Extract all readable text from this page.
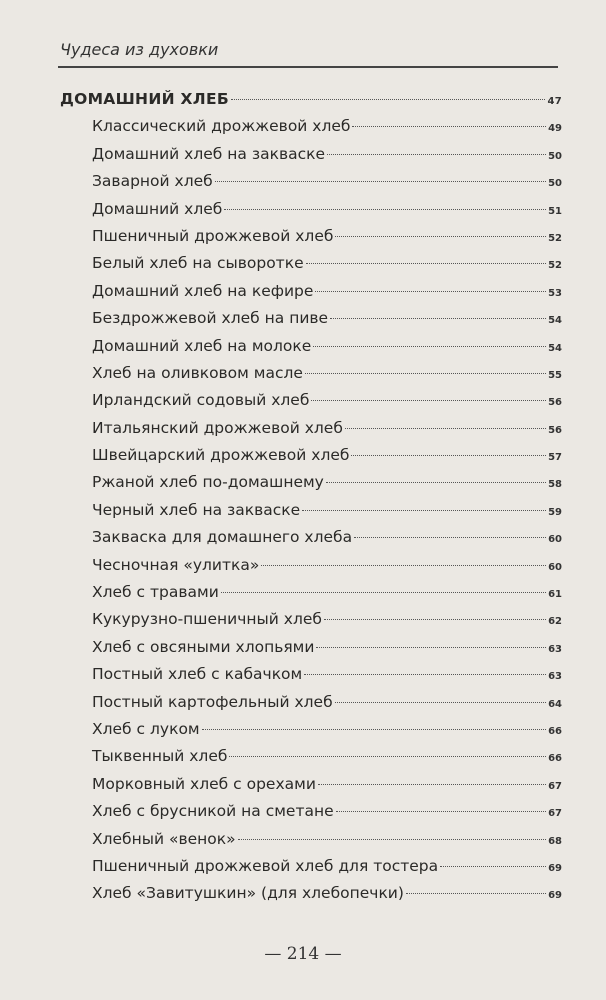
Чудеса из духовки
ДОМАШНИЙ ХЛЕБ	47
Классический дрожжевой хлеб	49
Домашний хлеб на закваске	50
Заварной хлеб	50
Домашний хлеб	51
Пшеничный дрожжевой хлеб	52
Белый хлеб на сыворотке	52
Домашний хлеб на кефире	53
Бездрожжевой хлеб на пиве	54
Домашний хлеб на молоке	54
Хлеб на оливковом масле	55
Ирландский содовый хлеб	56
Итальянский дрожжевой хлеб	56
Швейцарский дрожжевой хлеб	57
Ржаной хлеб по-домашнему	58
Черный хлеб на закваске	59
Закваска для домашнего хлеба	60
Чесночная «улитка»	60
Хлеб с травами	61
Кукурузно-пшеничный хлеб	62
Хлеб с овсяными хлопьями	63
Постный хлеб с кабачком	63
Постный картофельный хлеб	64
Хлеб с луком	66
Тыквенный хлеб	66
Морковный хлеб с орехами	67
Хлеб с брусникой на сметане	67
Хлебный «венок»	68
Пшеничный дрожжевой хлеб для тостера	69
Хлеб «Завитушкин» (для хлебопечки)	69
— 214 —
